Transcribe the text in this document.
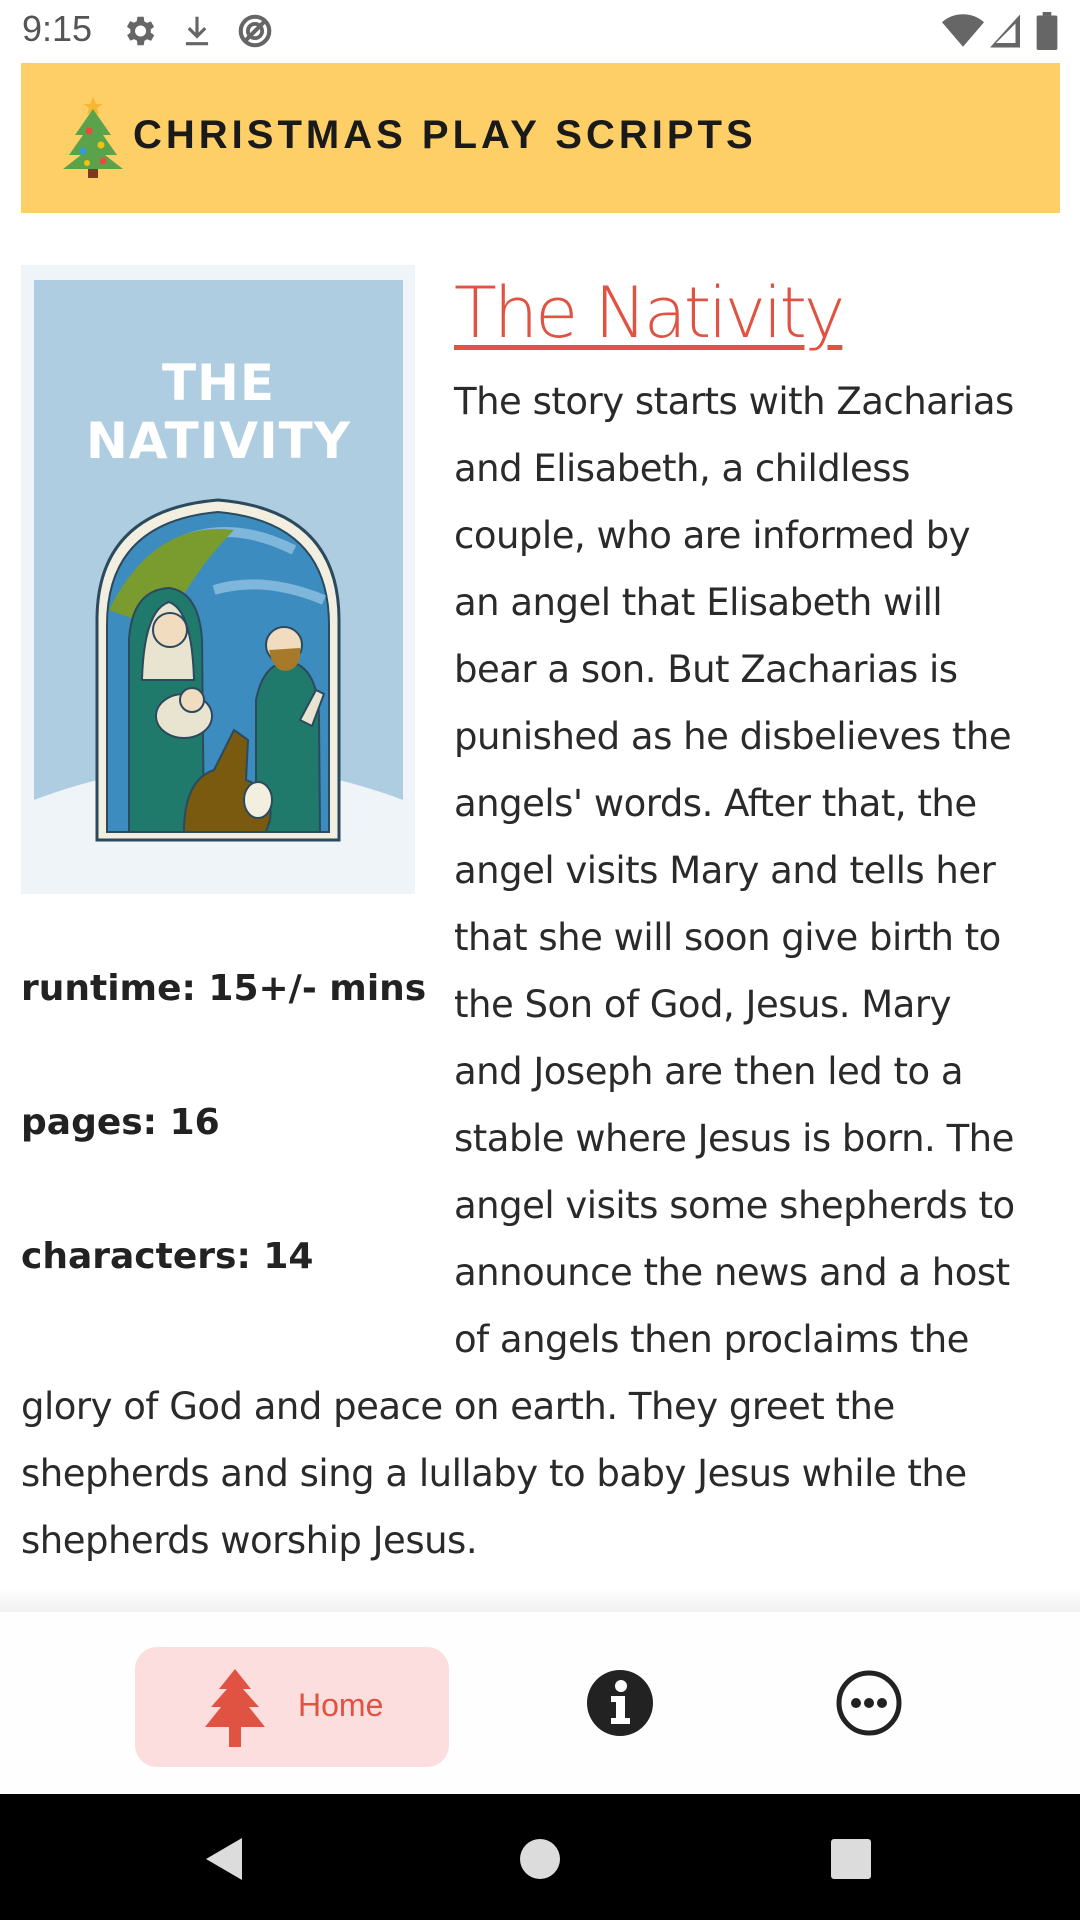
9:15
CHRISTMAS PLAY SCRIPTS
THE
NATIVITY
runtime: 15+/- mins
pages: 16
characters: 14
The Nativity
The story starts with Zacharias
and Elisabeth, a childless
couple, who are informed by
an angel that Elisabeth will
bear a son. But Zacharias is
punished as he disbelieves the
angels' words. After that, the
angel visits Mary and tells her
that she will soon give birth to
the Son of God, Jesus. Mary
and Joseph are then led to a
stable where Jesus is born. The
angel visits some shepherds to
announce the news and a host
of angels then proclaims the
glory of God and peace on earth. They greet the
shepherds and sing a lullaby to baby Jesus while the
shepherds worship Jesus.
Home
